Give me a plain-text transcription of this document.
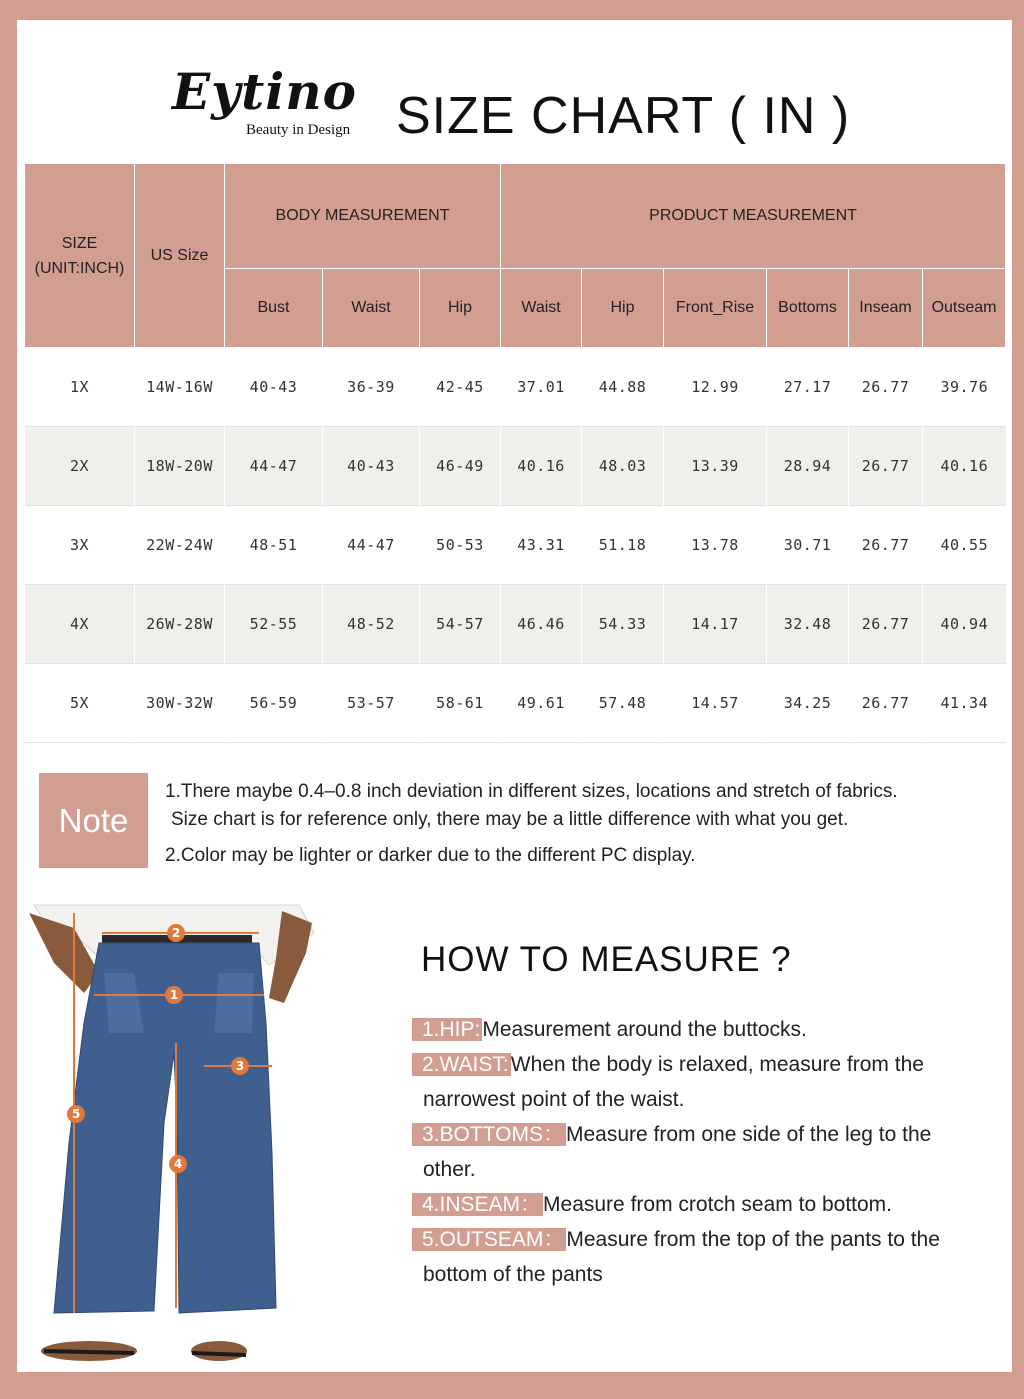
Eytino
Beauty in Design SIZE CHART ( IN )
SIZE (UNIT:INCH)	US Size	BODY MEASUREMENT			PRODUCT MEASUREMENT					
		Bust	Waist	Hip	Waist	Hip	Front_Rise	Bottoms	Inseam	Outseam
1X	14W-16W	40-43	36-39	42-45	37.01	44.88	12.99	27.17	26.77	39.76
2X	18W-20W	44-47	40-43	46-49	40.16	48.03	13.39	28.94	26.77	40.16
3X	22W-24W	48-51	44-47	50-53	43.31	51.18	13.78	30.71	26.77	40.55
4X	26W-28W	52-55	48-52	54-57	46.46	54.33	14.17	32.48	26.77	40.94
5X	30W-32W	56-59	53-57	58-61	49.61	57.48	14.57	34.25	26.77	41.34
Note
1.There maybe 0.4–0.8 inch deviation in different sizes, locations and stretch of fabrics.
Size chart is for reference only, there may be a little difference with what you get.
2.Color may be lighter or darker due to the different PC display.
2
1
3
4
5
HOW TO MEASURE ?
1.HIP:Measurement around the buttocks.
2.WAIST:When the body is relaxed, measure from the
narrowest point of the waist.
3.BOTTOMS：Measure from one side of the leg to the
other.
4.INSEAM：Measure from crotch seam to bottom.
5.OUTSEAM：Measure from the top of the pants to the
bottom of the pants
